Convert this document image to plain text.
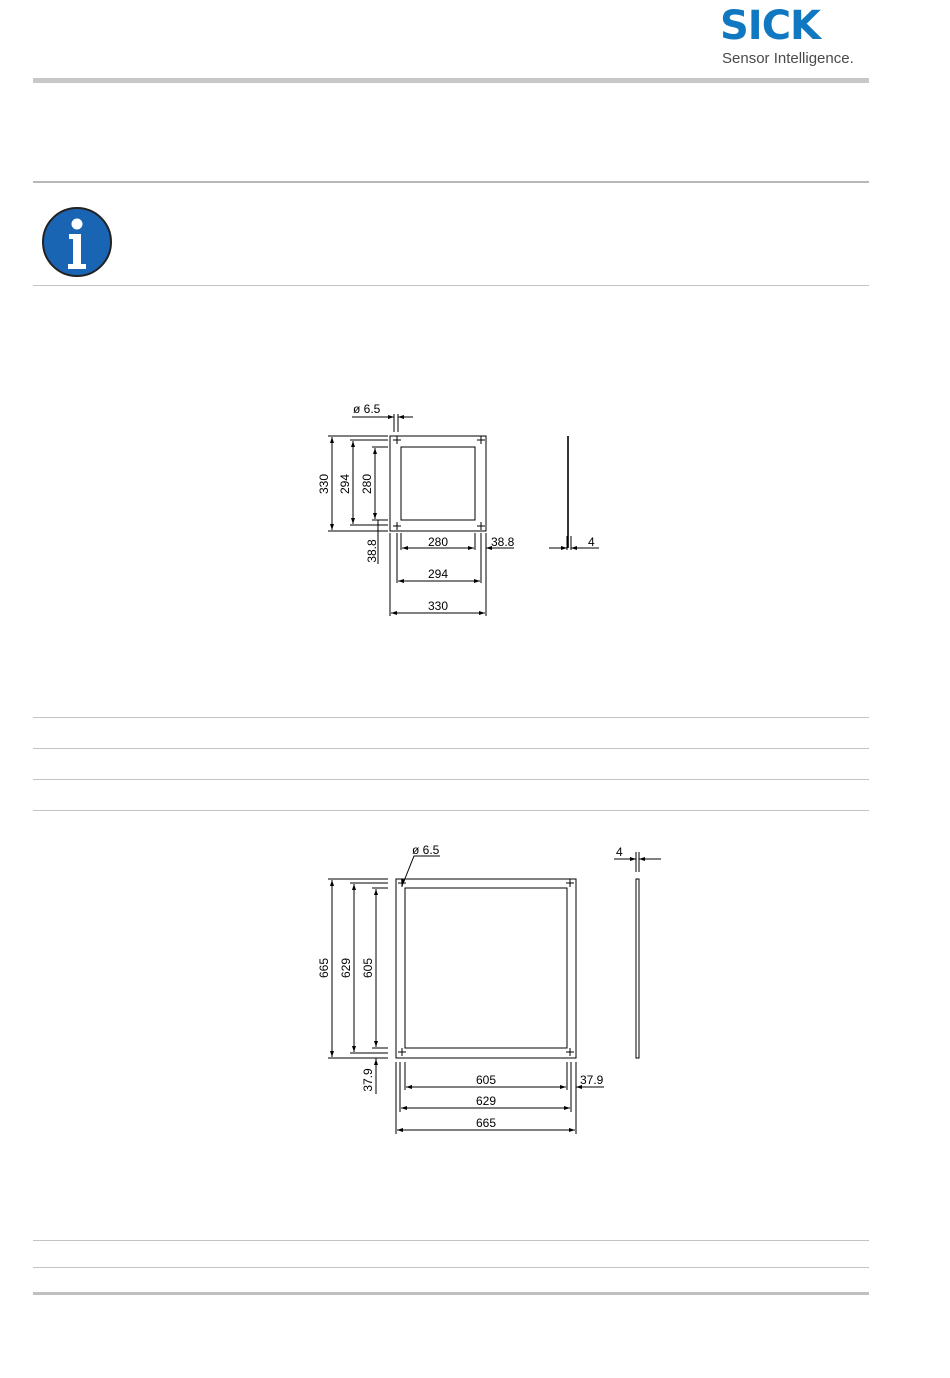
SICK
Sensor Intelligence.
ø 6.5
330 294 280
38.8	280	38.8
294
330
4
ø 6.5	4
665 629 605
37.9	605	37.9
629
665
